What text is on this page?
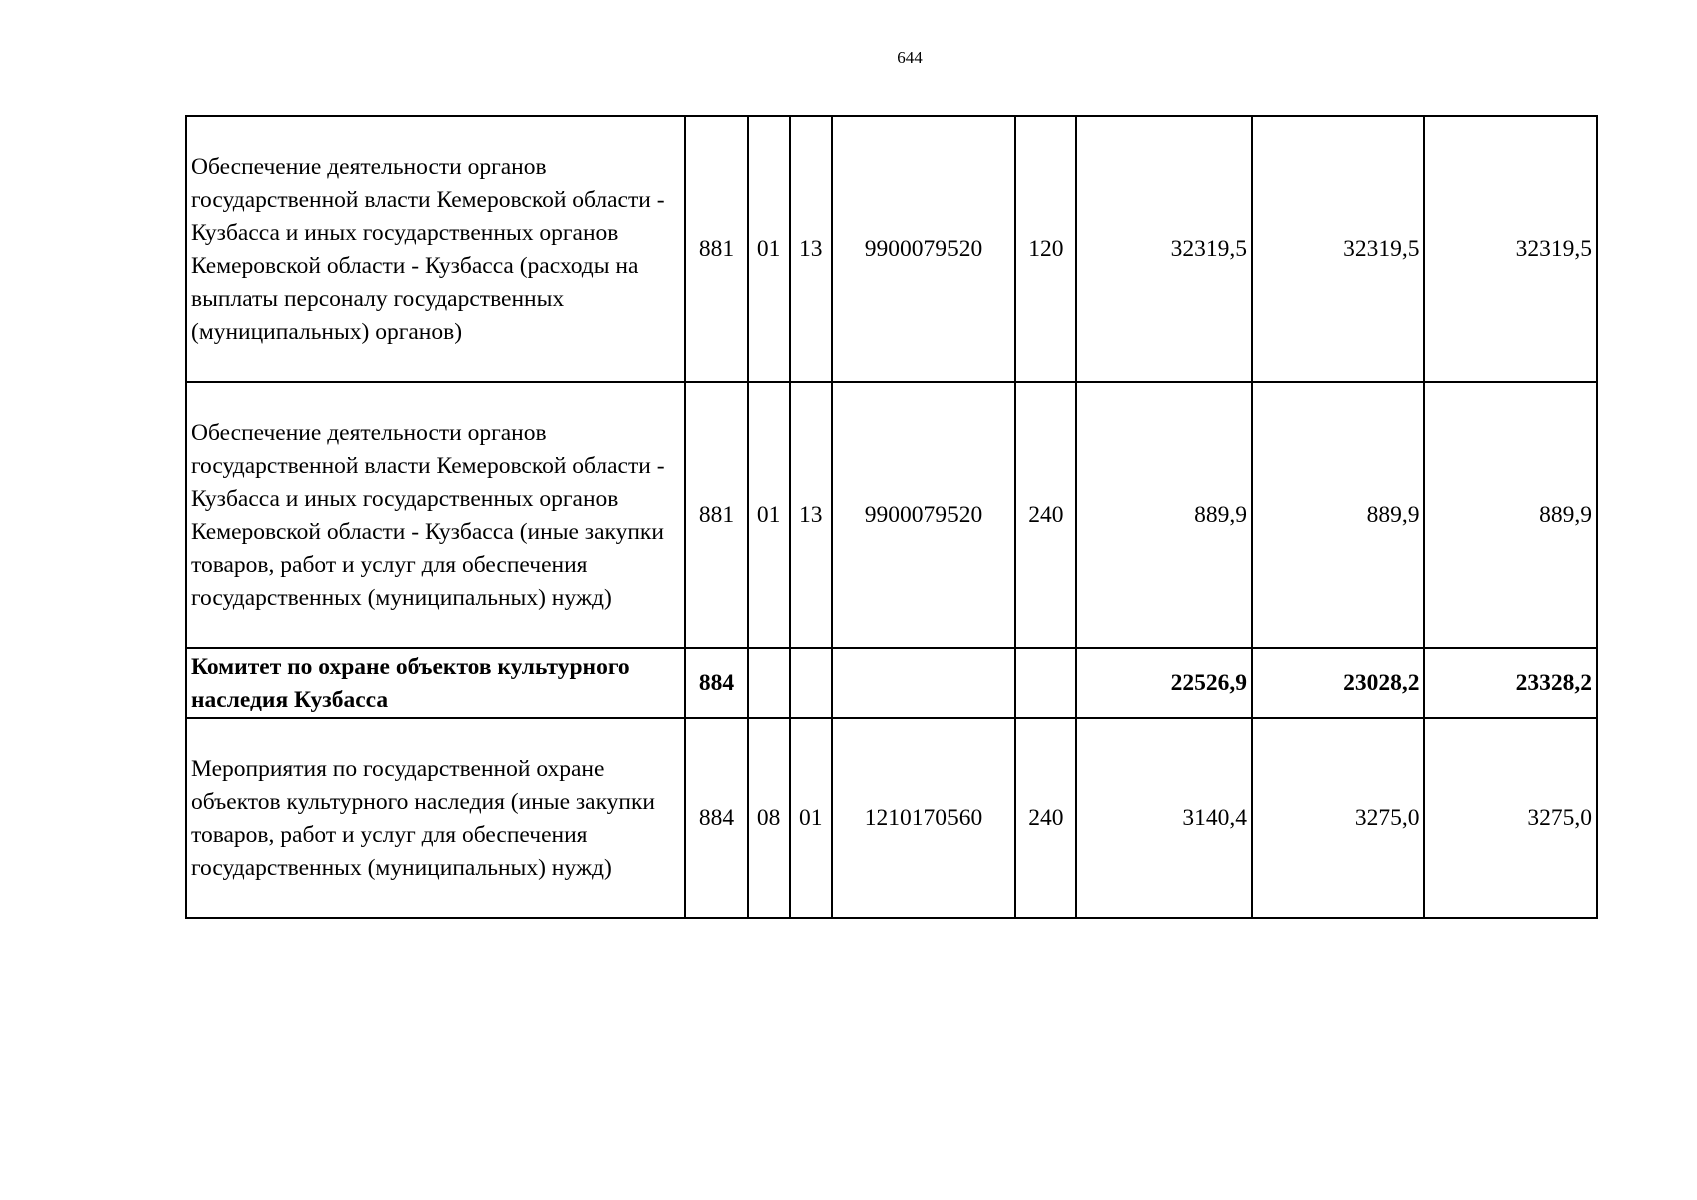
644
Обеспечение деятельности органов государственной власти Кемеровской области - Кузбасса и иных государственных органов Кемеровской области - Кузбасса (расходы на выплаты персоналу государственных (муниципальных) органов)	881	01	13	9900079520	120	32319,5	32319,5	32319,5

Обеспечение деятельности органов государственной власти Кемеровской области - Кузбасса и иных государственных органов Кемеровской области - Кузбасса (иные закупки товаров, работ и услуг для обеспечения государственных (муниципальных) нужд)	881	01	13	9900079520	240	889,9	889,9	889,9

Комитет по охране объектов культурного наследия Кузбасса	884					22526,9	23028,2	23328,2

Мероприятия по государственной охране объектов культурного наследия (иные закупки товаров, работ и услуг для обеспечения государственных (муниципальных) нужд)	884	08	01	1210170560	240	3140,4	3275,0	3275,0
